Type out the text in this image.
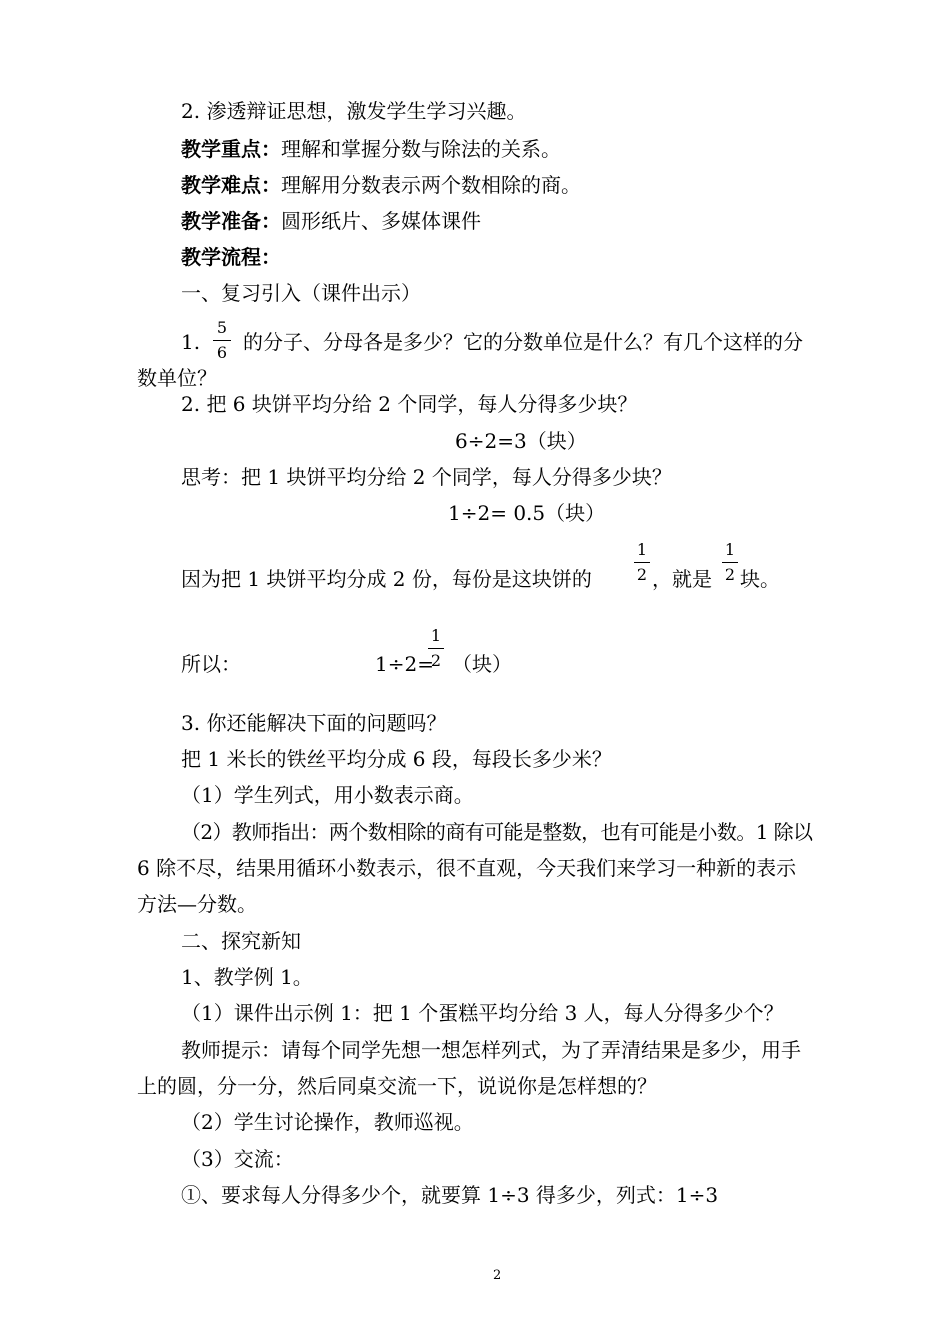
2. 渗透辩证思想，激发学生学习兴趣。
教学重点：理解和掌握分数与除法的关系。
教学难点：理解用分数表示两个数相除的商。
教学准备：圆形纸片、多媒体课件
教学流程：
一、复习引入（课件出示）
1.
5
6 的分子、分母各是多少？它的分数单位是什么？有几个这样的分
数单位？
2. 把 6 块饼平均分给 2 个同学，每人分得多少块？
6÷2=3（块）
思考：把 1 块饼平均分给 2 个同学，每人分得多少块？
1÷2= 0.5（块）
因为把 1 块饼平均分成 2 份，每份是这块饼的
1
2 ，就是
1
2 块。
所以：	1÷2=
1
2 （块）
3. 你还能解决下面的问题吗？
把 1 米长的铁丝平均分成 6 段，每段长多少米？
（1）学生列式，用小数表示商。
（2）教师指出：两个数相除的商有可能是整数，也有可能是小数。1 除以
6 除不尽，结果用循环小数表示，很不直观，今天我们来学习一种新的表示
方法—分数。
二、探究新知
1、教学例 1。
（1）课件出示例 1：把 1 个蛋糕平均分给 3 人，每人分得多少个？
教师提示：请每个同学先想一想怎样列式，为了弄清结果是多少，用手
上的圆，分一分，然后同桌交流一下，说说你是怎样想的？
（2）学生讨论操作，教师巡视。
（3）交流：
①、要求每人分得多少个，就要算 1÷3 得多少，列式：1÷3
2
